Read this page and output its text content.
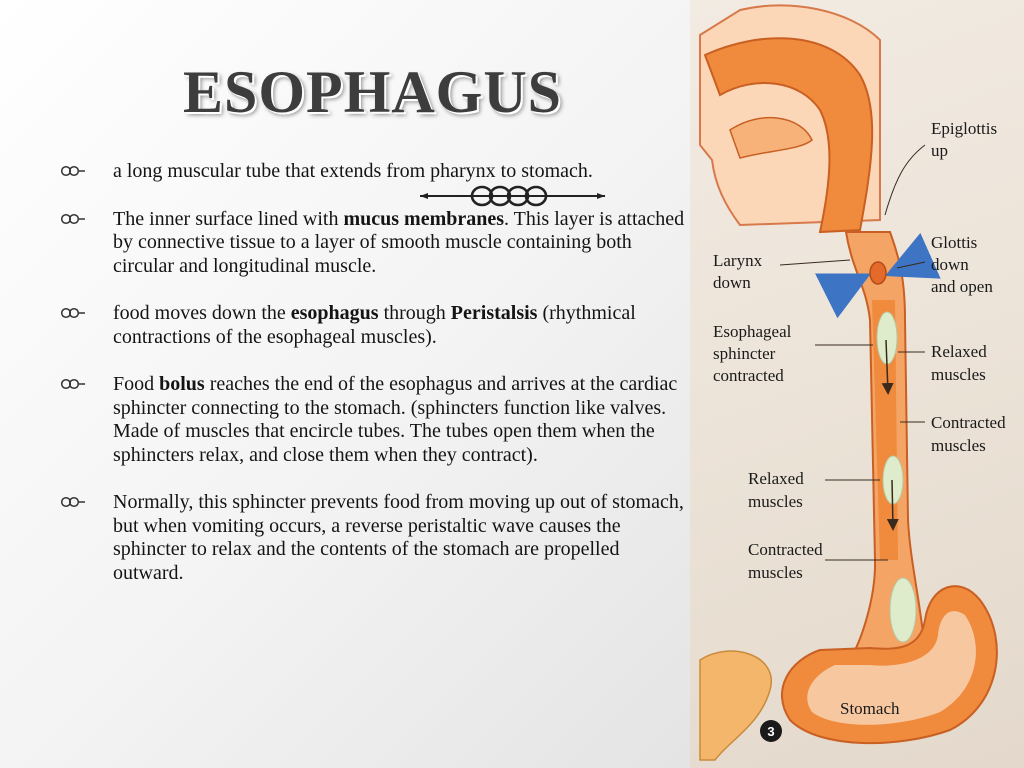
ESOPHAGUS
a long muscular tube that extends from pharynx to stomach.
The inner surface lined with mucus membranes. This layer is attached by connective tissue to a layer of smooth muscle containing both circular and longitudinal muscle.
food moves down the esophagus through Peristalsis (rhythmical contractions of the esophageal muscles).
Food bolus reaches the end of the esophagus and arrives at the cardiac sphincter connecting to the stomach. (sphincters function like valves. Made of muscles that encircle tubes. The tubes open them when the sphincters relax, and close them when they contract).
Normally, this sphincter prevents food from moving up out of stomach, but when vomiting occurs, a reverse peristaltic wave causes the sphincter to relax and the contents of the stomach are propelled outward.
Epiglottis
up
Glottis
down
and open
Larynx
down
Esophageal
sphincter
contracted
Relaxed
muscles
Contracted
muscles
Relaxed
muscles
Contracted
muscles
Stomach
3
